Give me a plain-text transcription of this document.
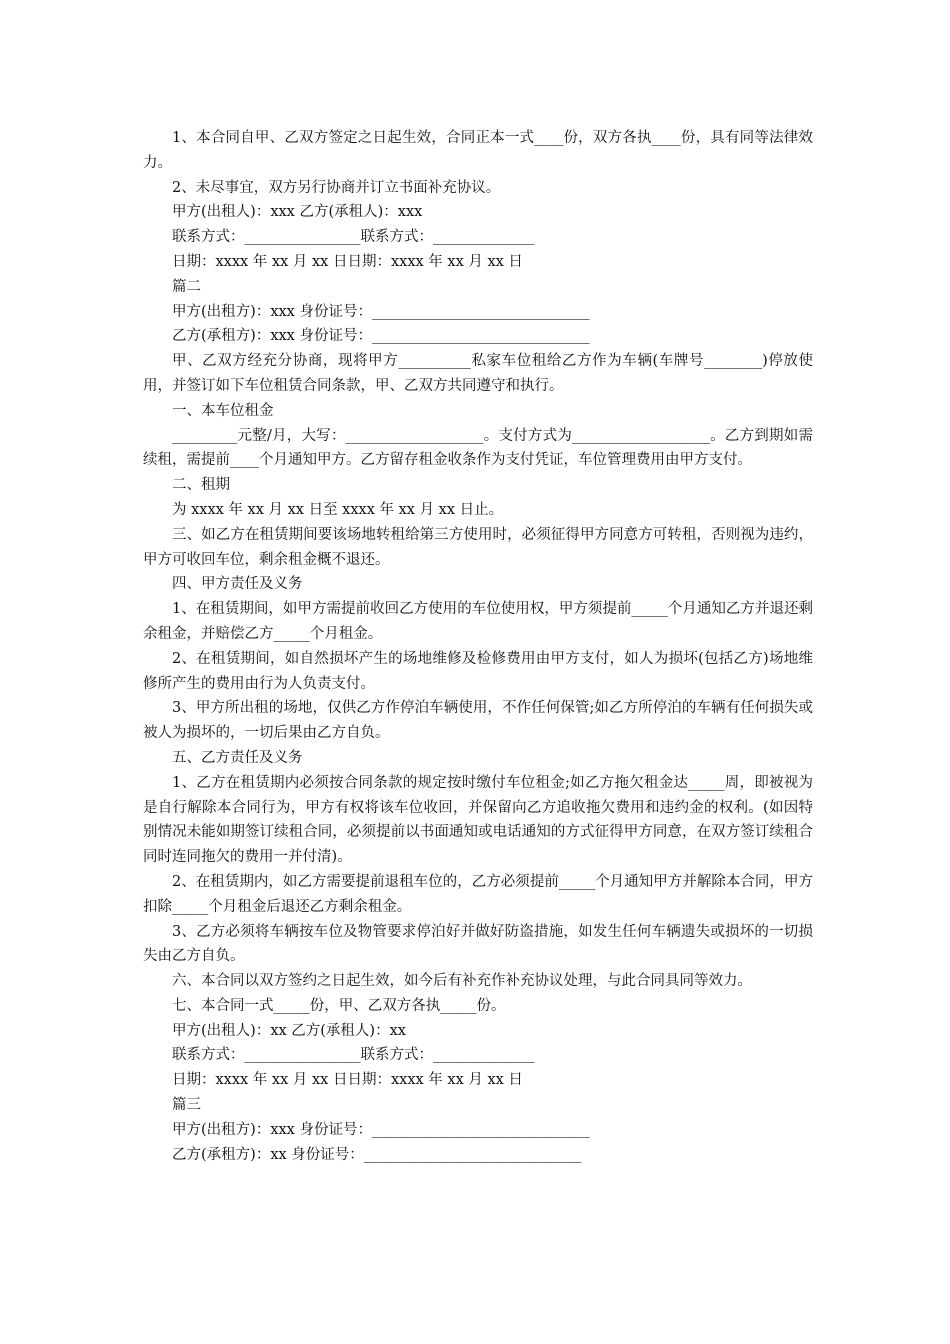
1、本合同自甲、乙双方签定之日起生效，合同正本一式____份，双方各执____份，具有同等法律效力。

2、未尽事宜，双方另行协商并订立书面补充协议。

甲方(出租人)：xxx 乙方(承租人)：xxx

联系方式：________________联系方式：______________

日期：xxxx 年 xx 月 xx 日日期：xxxx 年 xx 月 xx 日

篇二

甲方(出租方)：xxx 身份证号：______________________________

乙方(承租方)：xxx 身份证号：______________________________

甲、乙双方经充分协商，现将甲方__________私家车位租给乙方作为车辆(车牌号________)停放使用，并签订如下车位租赁合同条款，甲、乙双方共同遵守和执行。

一、本车位租金

_________元整/月，大写：___________________。支付方式为___________________。乙方到期如需续租，需提前____个月通知甲方。乙方留存租金收条作为支付凭证，车位管理费用由甲方支付。

二、租期

为 xxxx 年 xx 月 xx 日至 xxxx 年 xx 月 xx 日止。

三、如乙方在租赁期间要该场地转租给第三方使用时，必须征得甲方同意方可转租，否则视为违约，甲方可收回车位，剩余租金概不退还。

四、甲方责任及义务

1、在租赁期间，如甲方需提前收回乙方使用的车位使用权，甲方须提前_____个月通知乙方并退还剩余租金，并赔偿乙方_____个月租金。

2、在租赁期间，如自然损坏产生的场地维修及检修费用由甲方支付，如人为损坏(包括乙方)场地维修所产生的费用由行为人负责支付。

3、甲方所出租的场地，仅供乙方作停泊车辆使用，不作任何保管;如乙方所停泊的车辆有任何损失或被人为损坏的，一切后果由乙方自负。

五、乙方责任及义务

1、乙方在租赁期内必须按合同条款的规定按时缴付车位租金;如乙方拖欠租金达_____周，即被视为是自行解除本合同行为，甲方有权将该车位收回，并保留向乙方追收拖欠费用和违约金的权利。(如因特别情况未能如期签订续租合同，必须提前以书面通知或电话通知的方式征得甲方同意，在双方签订续租合同时连同拖欠的费用一并付清)。

2、在租赁期内，如乙方需要提前退租车位的，乙方必须提前_____个月通知甲方并解除本合同，甲方扣除_____个月租金后退还乙方剩余租金。

3、乙方必须将车辆按车位及物管要求停泊好并做好防盗措施，如发生任何车辆遗失或损坏的一切损失由乙方自负。

六、本合同以双方签约之日起生效，如今后有补充作补充协议处理，与此合同具同等效力。

七、本合同一式_____份，甲、乙双方各执_____份。

甲方(出租人)：xx 乙方(承租人)：xx

联系方式：________________联系方式：______________

日期：xxxx 年 xx 月 xx 日日期：xxxx 年 xx 月 xx 日

篇三

甲方(出租方)：xxx 身份证号：______________________________

乙方(承租方)：xx 身份证号：______________________________
